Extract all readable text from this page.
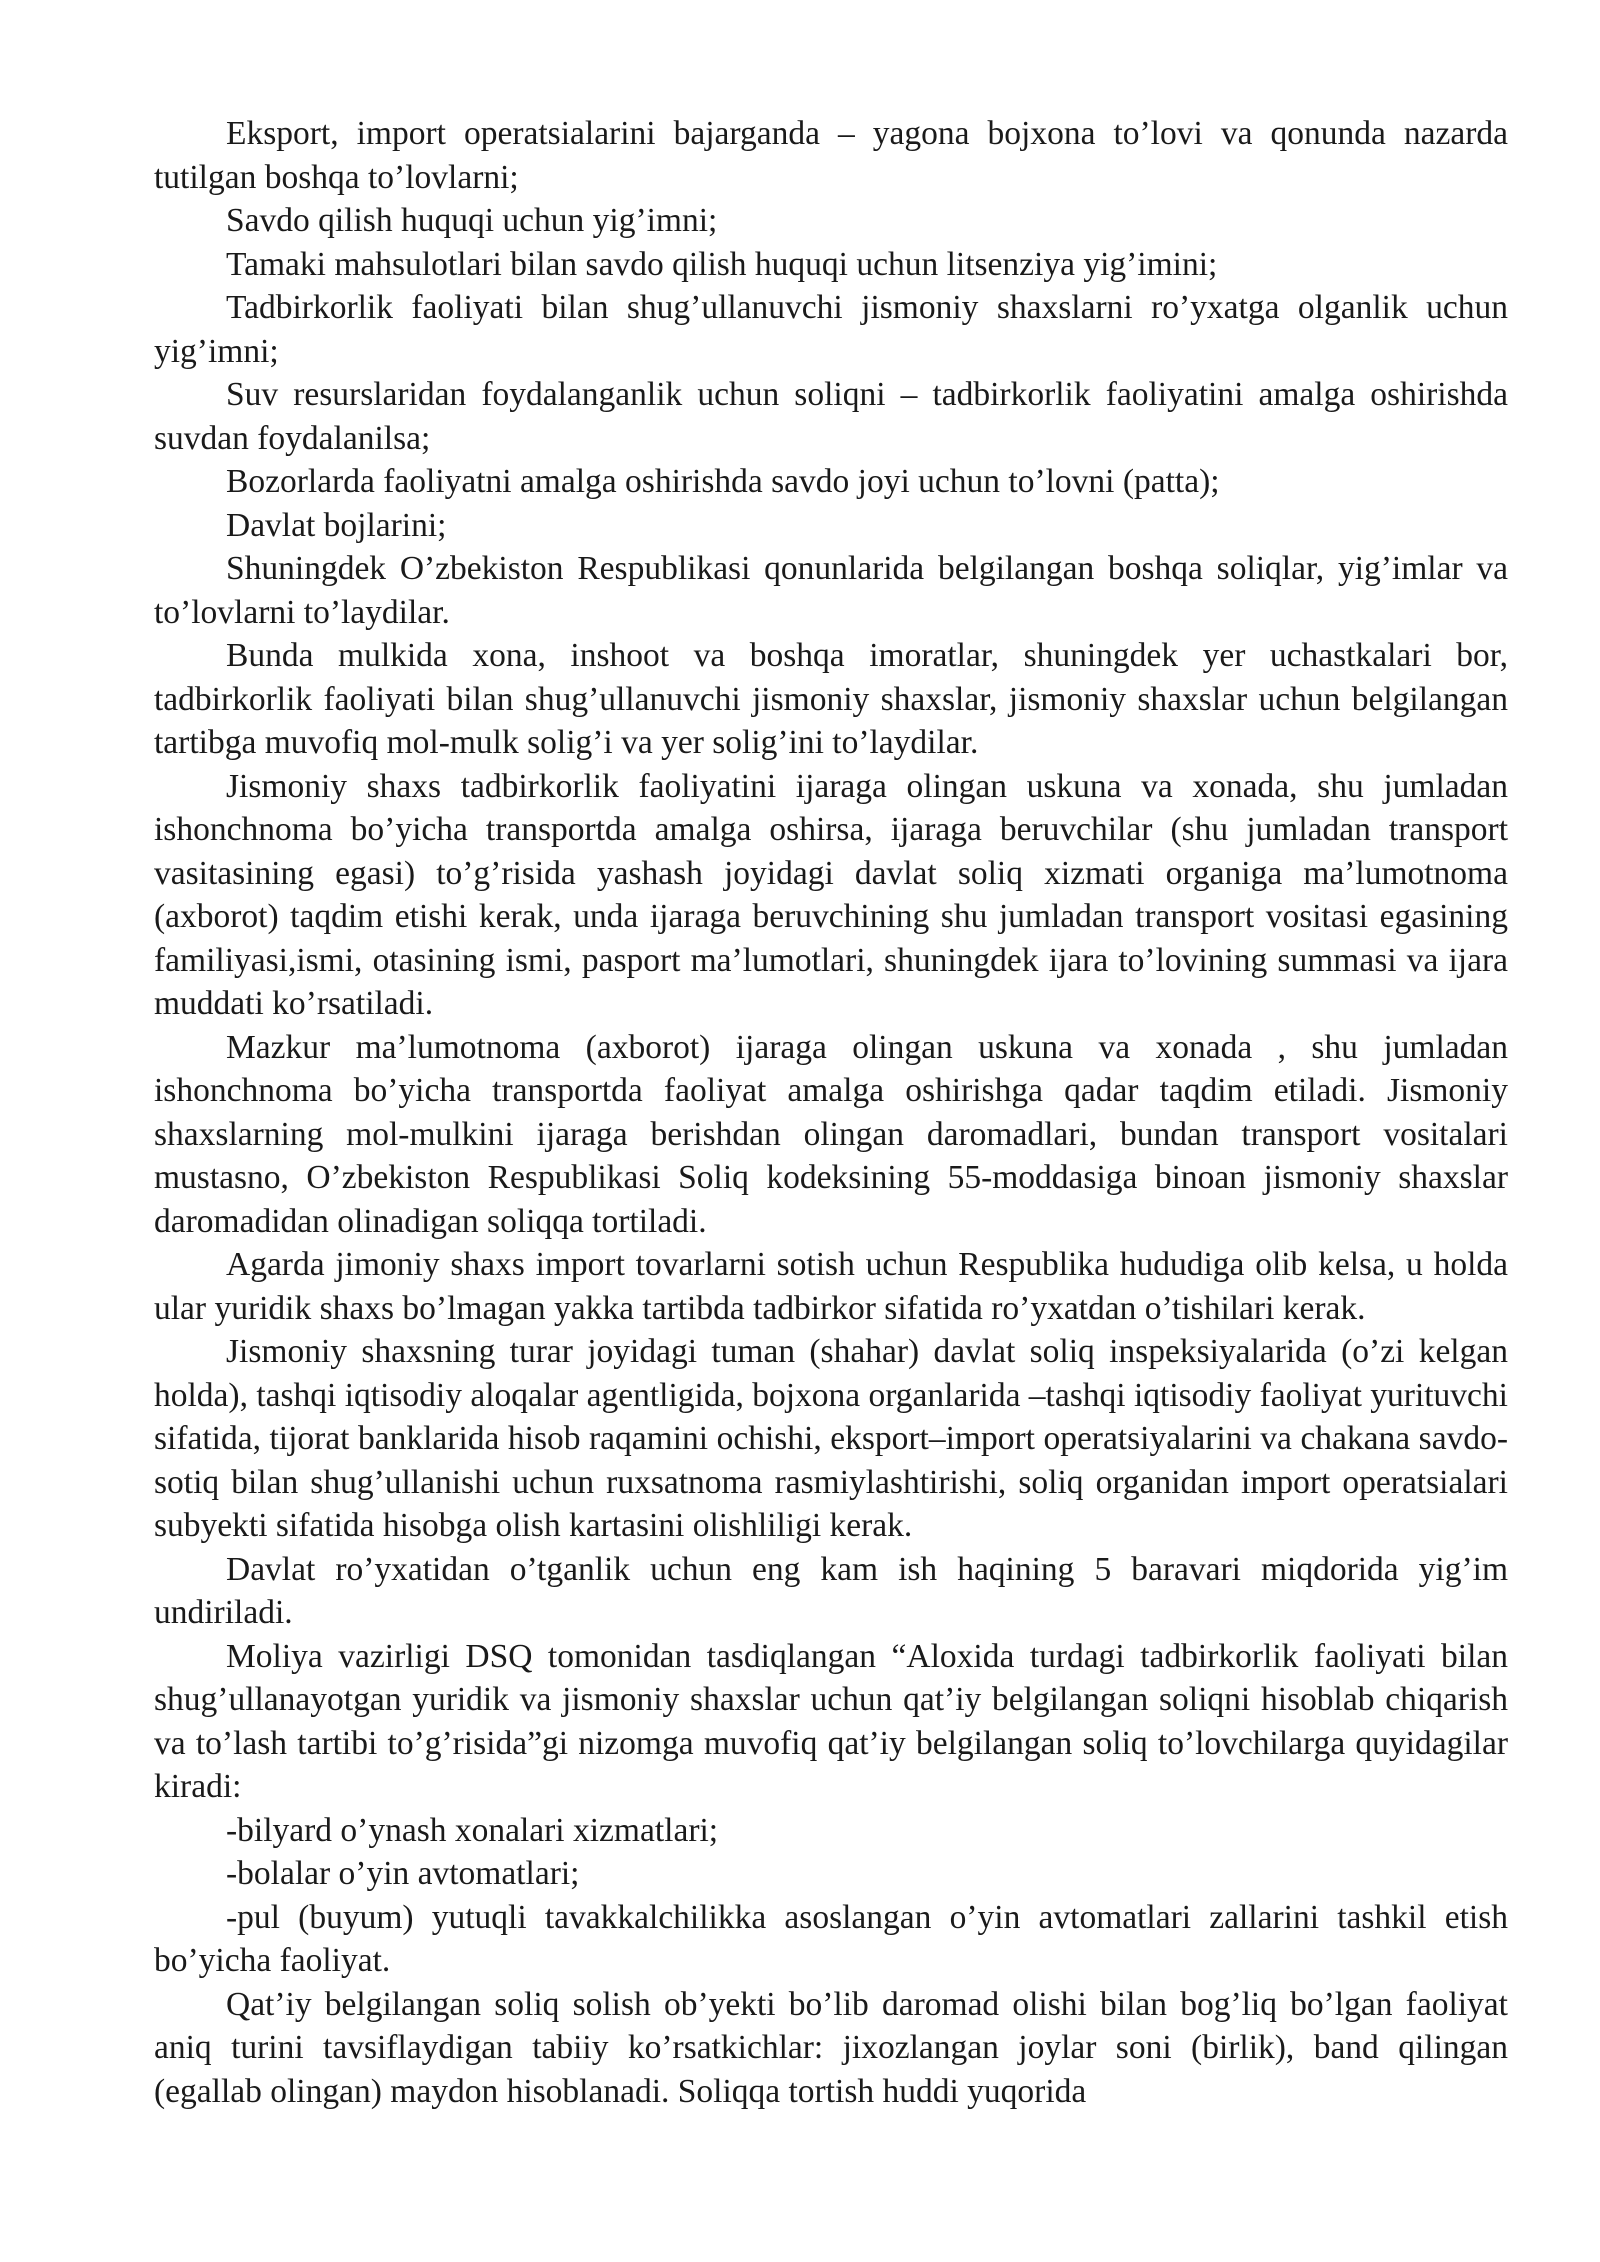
Eksport, import operatsialarini bajarganda – yagona bojxona to’lovi va qonunda nazarda tutilgan boshqa to’lovlarni;

Savdo qilish huquqi uchun yig’imni;

Tamaki mahsulotlari bilan savdo qilish huquqi uchun litsenziya yig’imini;

Tadbirkorlik faoliyati bilan shug’ullanuvchi jismoniy shaxslarni ro’yxatga olganlik uchun yig’imni;

Suv resurslaridan foydalanganlik uchun soliqni – tadbirkorlik faoliyatini amalga oshirishda suvdan foydalanilsa;

Bozorlarda faoliyatni amalga oshirishda savdo joyi uchun to’lovni (patta);

Davlat bojlarini;

Shuningdek O’zbekiston Respublikasi qonunlarida belgilangan boshqa soliqlar, yig’imlar va to’lovlarni to’laydilar.

Bunda mulkida xona, inshoot va boshqa imoratlar, shuningdek yer uchastkalari bor, tadbirkorlik faoliyati bilan shug’ullanuvchi jismoniy shaxslar, jismoniy shaxslar uchun belgilangan tartibga muvofiq mol-mulk solig’i va yer solig’ini to’laydilar.

Jismoniy shaxs tadbirkorlik faoliyatini ijaraga olingan uskuna va xonada, shu jumladan ishonchnoma bo’yicha transportda amalga oshirsa, ijaraga beruvchilar (shu jumladan transport vasitasining egasi) to’g’risida yashash joyidagi davlat soliq xizmati organiga ma’lumotnoma (axborot) taqdim etishi kerak, unda ijaraga beruvchining shu jumladan transport vositasi egasining familiyasi,ismi, otasining ismi, pasport ma’lumotlari, shuningdek ijara to’lovining summasi va ijara muddati ko’rsatiladi.

Mazkur ma’lumotnoma (axborot) ijaraga olingan uskuna va xonada , shu jumladan ishonchnoma bo’yicha transportda faoliyat amalga oshirishga qadar taqdim etiladi. Jismoniy shaxslarning mol-mulkini ijaraga berishdan olingan daromadlari, bundan transport vositalari mustasno, O’zbekiston Respublikasi Soliq kodeksining 55-moddasiga binoan jismoniy shaxslar daromadidan olinadigan soliqqa tortiladi.

Agarda jimoniy shaxs import tovarlarni sotish uchun Respublika hududiga olib kelsa, u holda ular yuridik shaxs bo’lmagan yakka tartibda tadbirkor sifatida ro’yxatdan o’tishilari kerak.

Jismoniy shaxsning turar joyidagi tuman (shahar) davlat soliq inspeksiyalarida (o’zi kelgan holda), tashqi iqtisodiy aloqalar agentligida, bojxona organlarida –tashqi iqtisodiy faoliyat yurituvchi sifatida, tijorat banklarida hisob raqamini ochishi, eksport–import operatsiyalarini va chakana savdo-sotiq bilan shug’ullanishi uchun ruxsatnoma rasmiylashtirishi, soliq organidan import operatsialari subyekti sifatida hisobga olish kartasini olishliligi kerak.

Davlat ro’yxatidan o’tganlik uchun eng kam ish haqining 5 baravari miqdorida yig’im undiriladi.

Moliya vazirligi DSQ tomonidan tasdiqlangan “Aloxida turdagi tadbirkorlik faoliyati bilan shug’ullanayotgan yuridik va jismoniy shaxslar uchun qat’iy belgilangan soliqni hisoblab chiqarish va to’lash tartibi to’g’risida”gi nizomga muvofiq qat’iy belgilangan soliq to’lovchilarga quyidagilar kiradi:

-bilyard o’ynash xonalari xizmatlari;

-bolalar o’yin avtomatlari;

-pul (buyum) yutuqli tavakkalchilikka asoslangan o’yin avtomatlari zallarini tashkil etish bo’yicha faoliyat.

Qat’iy belgilangan soliq solish ob’yekti bo’lib daromad olishi bilan bog’liq bo’lgan faoliyat aniq turini tavsiflaydigan tabiiy ko’rsatkichlar: jixozlangan joylar soni (birlik), band qilingan (egallab olingan) maydon hisoblanadi. Soliqqa tortish huddi yuqorida
